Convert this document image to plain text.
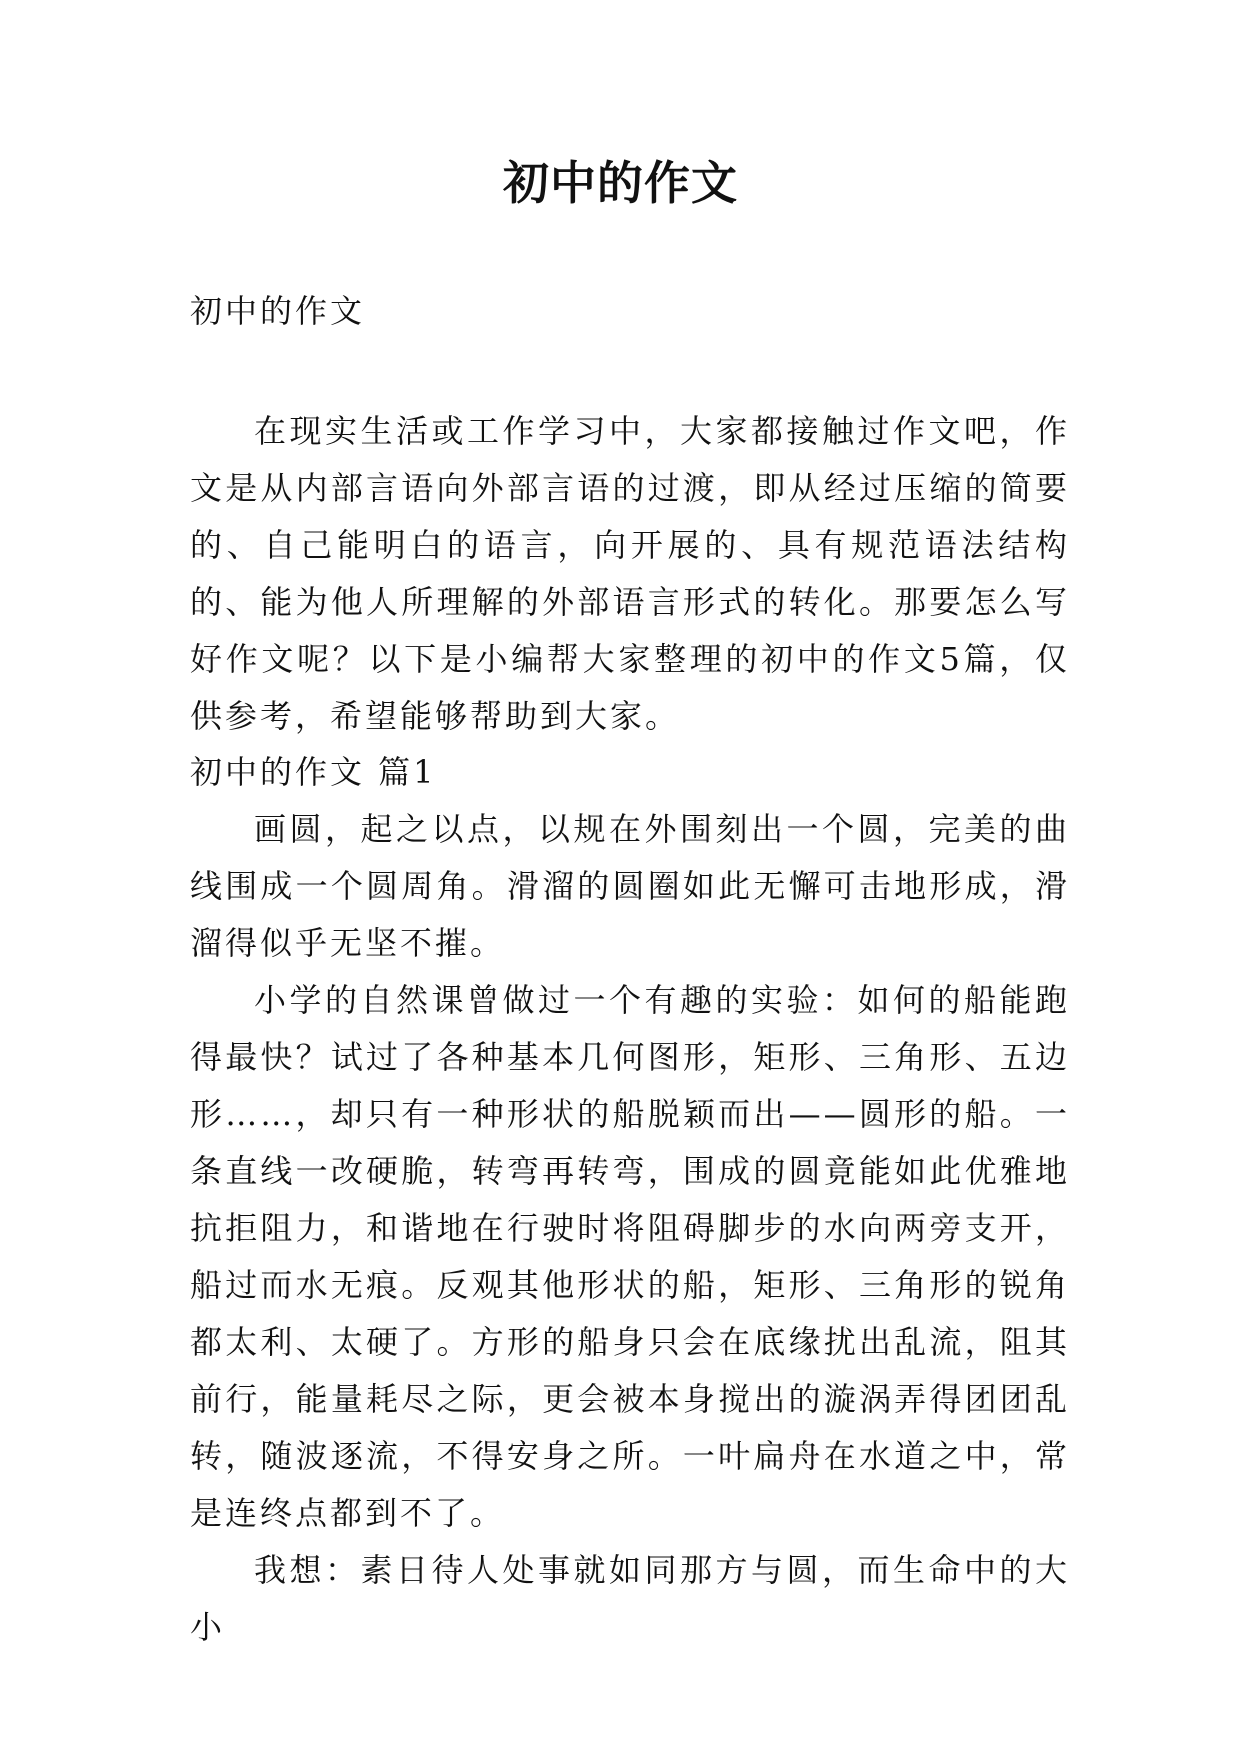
初中的作文
初中的作文

在现实生活或工作学习中，大家都接触过作文吧，作文是从内部言语向外部言语的过渡，即从经过压缩的简要的、自己能明白的语言，向开展的、具有规范语法结构的、能为他人所理解的外部语言形式的转化。那要怎么写好作文呢？以下是小编帮大家整理的初中的作文5篇，仅供参考，希望能够帮助到大家。

初中的作文 篇1

画圆，起之以点，以规在外围刻出一个圆，完美的曲线围成一个圆周角。滑溜的圆圈如此无懈可击地形成，滑溜得似乎无坚不摧。

小学的自然课曾做过一个有趣的实验：如何的船能跑得最快？试过了各种基本几何图形，矩形、三角形、五边形……，却只有一种形状的船脱颖而出——圆形的船。一条直线一改硬脆，转弯再转弯，围成的圆竟能如此优雅地抗拒阻力，和谐地在行驶时将阻碍脚步的水向两旁支开，船过而水无痕。反观其他形状的船，矩形、三角形的锐角都太利、太硬了。方形的船身只会在底缘扰出乱流，阻其前行，能量耗尽之际，更会被本身搅出的漩涡弄得团团乱转，随波逐流，不得安身之所。一叶扁舟在水道之中，常是连终点都到不了。

我想：素日待人处事就如同那方与圆，而生命中的大小
